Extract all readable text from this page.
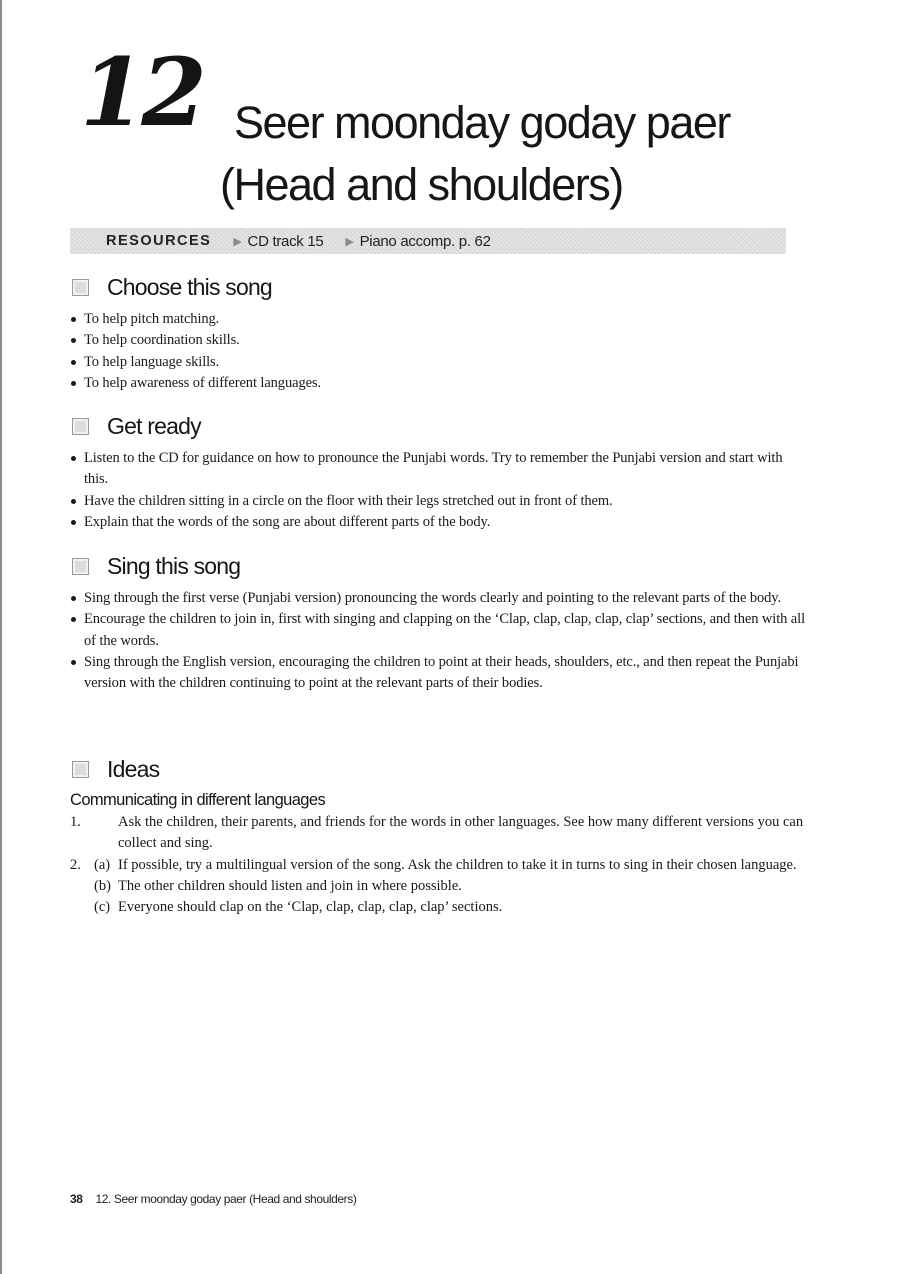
12 Seer moonday goday paer
(Head and shoulders)
RESOURCES ▶ CD track 15 ▶ Piano accomp. p. 62
Choose this song
To help pitch matching.
To help coordination skills.
To help language skills.
To help awareness of different languages.
Get ready
Listen to the CD for guidance on how to pronounce the Punjabi words. Try to remember the Punjabi version and start with this.
Have the children sitting in a circle on the floor with their legs stretched out in front of them.
Explain that the words of the song are about different parts of the body.
Sing this song
Sing through the first verse (Punjabi version) pronouncing the words clearly and pointing to the relevant parts of the body.
Encourage the children to join in, first with singing and clapping on the ‘Clap, clap, clap, clap, clap’ sections, and then with all of the words.
Sing through the English version, encouraging the children to point at their heads, shoulders, etc., and then repeat the Punjabi version with the children continuing to point at the relevant parts of their bodies.
Ideas
Communicating in different languages
1.	Ask the children, their parents, and friends for the words in other languages. See how many different versions you can collect and sing.
2. (a) If possible, try a multilingual version of the song. Ask the children to take it in turns to sing in their chosen language.
(b) The other children should listen and join in where possible.
(c) Everyone should clap on the ‘Clap, clap, clap, clap, clap’ sections.
38 12. Seer moonday goday paer (Head and shoulders)
